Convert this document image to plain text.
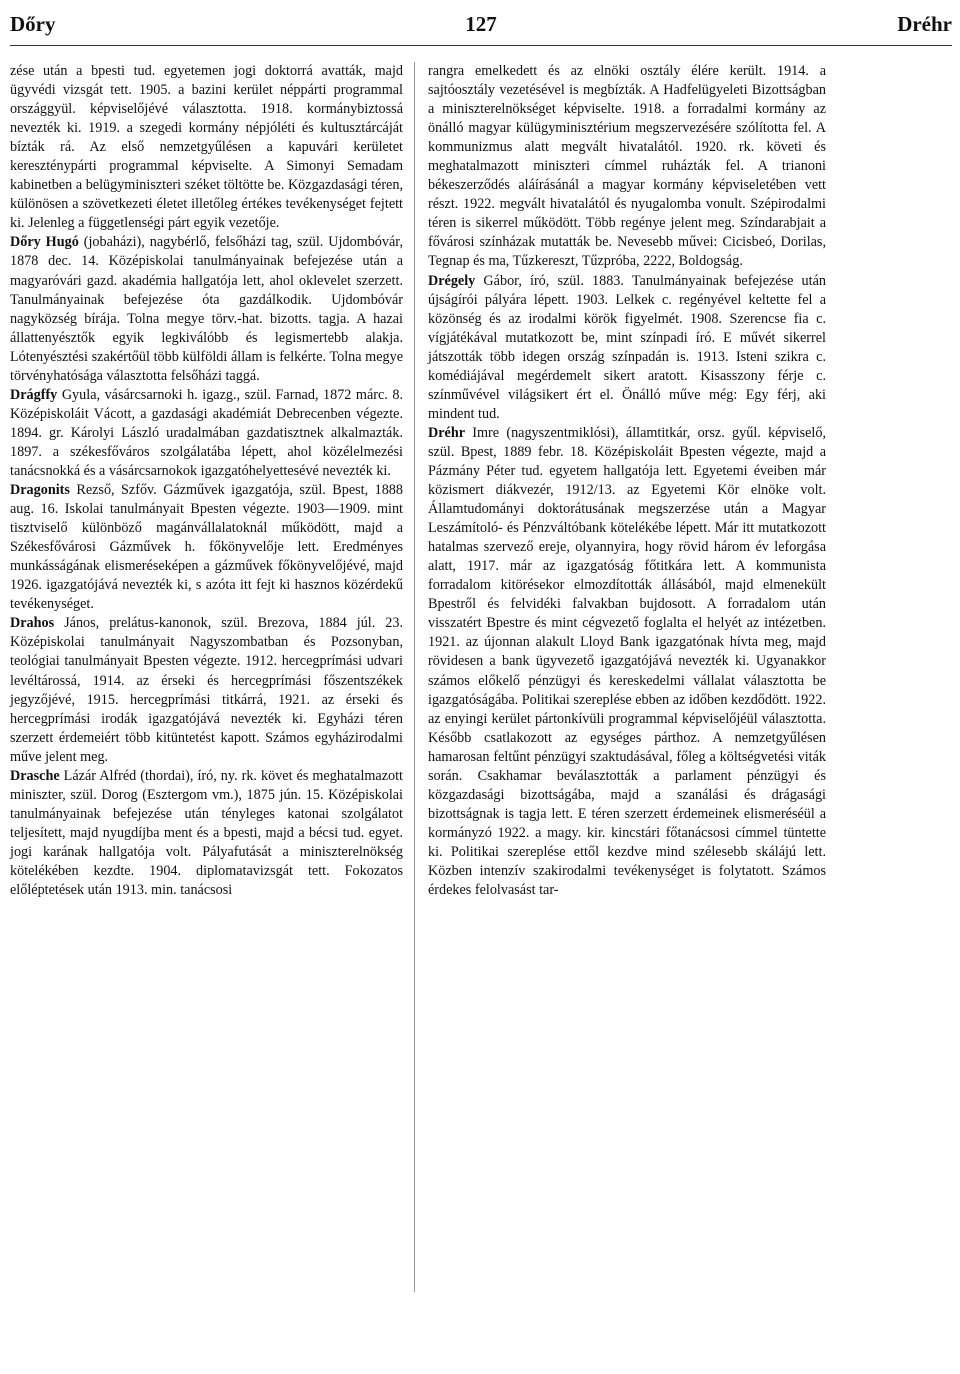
Dőry	127	Dréhr

zése után a bpesti tud. egyetemen jogi doktorrá avatták, majd ügyvédi vizsgát tett. 1905. a bazini kerület néppárti programmal országgyül. képviselőjévé választotta. 1918. kormánybiztossá nevezték ki. 1919. a szegedi kormány népjóléti és kultusztárcáját bízták rá. Az első nemzetgyűlésen a kapuvári kerületet kereszténypárti programmal képviselte. A Simonyi Semadam kabinetben a belügyminiszteri széket töltötte be. Közgazdasági téren, különösen a szövetkezeti életet illetőleg értékes tevékenységet fejtett ki. Jelenleg a függetlenségi párt egyik vezetője.

Dőry Hugó (jobaházi), nagybérlő, felsőházi tag, szül. Ujdombóvár, 1878 dec. 14. Középiskolai tanulmányainak befejezése után a magyaróvári gazd. akadémia hallgatója lett, ahol oklevelet szerzett. Tanulmányainak befejezése óta gazdálkodik. Ujdombóvár nagyközség bírája. Tolna megye törv.-hat. bizotts. tagja. A hazai állattenyésztők egyik legkiválóbb és legismertebb alakja. Lótenyésztési szakértőül több külföldi állam is felkérte. Tolna megye törvényhatósága választotta felsőházi taggá.

Drágffy Gyula, vásárcsarnoki h. igazg., szül. Farnad, 1872 márc. 8. Középiskoláit Vácott, a gazdasági akadémiát Debrecenben végezte. 1894. gr. Károlyi László uradalmában gazdatisztnek alkalmazták. 1897. a székesfőváros szolgálatába lépett, ahol közélelmezési tanácsnokká és a vásárcsarnokok igazgatóhelyettesévé nevezték ki.

Dragonits Rezső, Szfőv. Gázművek igazgatója, szül. Bpest, 1888 aug. 16. Iskolai tanulmányait Bpesten végezte. 1903—1909. mint tisztviselő különböző magánvállalatoknál működött, majd a Székesfővárosi Gázművek h. főkönyvelője lett. Eredményes munkásságának elismeréseképen a gázművek főkönyvelőjévé, majd 1926. igazgatójává nevezték ki, s azóta itt fejt ki hasznos közérdekű tevékenységet.

Drahos János, prelátus-kanonok, szül. Brezova, 1884 júl. 23. Középiskolai tanulmányait Nagyszombatban és Pozsonyban, teológiai tanulmányait Bpesten végezte. 1912. hercegprímási udvari levéltárossá, 1914. az érseki és hercegprímási főszentszékek jegyzőjévé, 1915. hercegprímási titkárrá, 1921. az érseki és hercegprímási irodák igazgatójává nevezték ki. Egyházi téren szerzett érdemeiért több kitüntetést kapott. Számos egyházirodalmi műve jelent meg.

Drasche Lázár Alfréd (thordai), író, ny. rk. követ és meghatalmazott miniszter, szül. Dorog (Esztergom vm.), 1875 jún. 15. Középiskolai tanulmányainak befejezése után tényleges katonai szolgálatot teljesített, majd nyugdíjba ment és a bpesti, majd a bécsi tud. egyet. jogi karának hallgatója volt. Pályafutását a miniszterelnökség kötelékében kezdte. 1904. diplomatavizsgát tett. Fokozatos előléptetések után 1913. min. tanácsosi

rangra emelkedett és az elnöki osztály élére került. 1914. a sajtóosztály vezetésével is megbízták. A Hadfelügyeleti Bizottságban a miniszterelnökséget képviselte. 1918. a forradalmi kormány az önálló magyar külügyminisztérium megszervezésére szólította fel. A kommunizmus alatt megvált hivatalától. 1920. rk. követi és meghatalmazott miniszteri címmel ruházták fel. A trianoni békeszerződés aláírásánál a magyar kormány képviseletében vett részt. 1922. megvált hivatalától és nyugalomba vonult. Szépirodalmi téren is sikerrel működött. Több regénye jelent meg. Színdarabjait a fővárosi színházak mutatták be. Nevesebb művei: Cicisbeó, Dorilas, Tegnap és ma, Tűzkereszt, Tűzpróba, 2222, Boldogság.

Drégely Gábor, író, szül. 1883. Tanulmányainak befejezése után újságírói pályára lépett. 1903. Lelkek c. regényével keltette fel a közönség és az irodalmi körök figyelmét. 1908. Szerencse fia c. vígjátékával mutatkozott be, mint színpadi író. E művét sikerrel játszották több idegen ország színpadán is. 1913. Isteni szikra c. komédiájával megérdemelt sikert aratott. Kisasszony férje c. színművével világsikert ért el. Önálló műve még: Egy férj, aki mindent tud.

Dréhr Imre (nagyszentmiklósi), államtitkár, orsz. gyűl. képviselő, szül. Bpest, 1889 febr. 18. Középiskoláit Bpesten végezte, majd a Pázmány Péter tud. egyetem hallgatója lett. Egyetemi éveiben már közismert diákvezér, 1912/13. az Egyetemi Kör elnöke volt. Államtudományi doktorátusának megszerzése után a Magyar Leszámítoló- és Pénzváltóbank kötelékébe lépett. Már itt mutatkozott hatalmas szervező ereje, olyannyira, hogy rövid három év leforgása alatt, 1917. már az igazgatóság főtitkára lett. A kommunista forradalom kitörésekor elmozdították állásából, majd elmenekült Bpestről és felvidéki falvakban bujdosott. A forradalom után visszatért Bpestre és mint cégvezető foglalta el helyét az intézetben. 1921. az újonnan alakult Lloyd Bank igazgatónak hívta meg, majd rövidesen a bank ügyvezető igazgatójává nevezték ki. Ugyanakkor számos előkelő pénzügyi és kereskedelmi vállalat választotta be igazgatóságába. Politikai szereplése ebben az időben kezdődött. 1922. az enyingi kerület pártonkívüli programmal képviselőjéül választotta. Később csatlakozott az egységes párthoz. A nemzetgyűlésen hamarosan feltűnt pénzügyi szaktudásával, főleg a költségvetési viták során. Csakhamar beválasztották a parlament pénzügyi és közgazdasági bizottságába, majd a szanálási és drágasági bizottságnak is tagja lett. E téren szerzett érdemeinek elismeréséül a kormányzó 1922. a magy. kir. kincstári főtanácsosi címmel tüntette ki. Politikai szereplése ettől kezdve mind szélesebb skálájú lett. Közben intenzív szakirodalmi tevékenységet is folytatott. Számos érdekes felolvasást tar-
